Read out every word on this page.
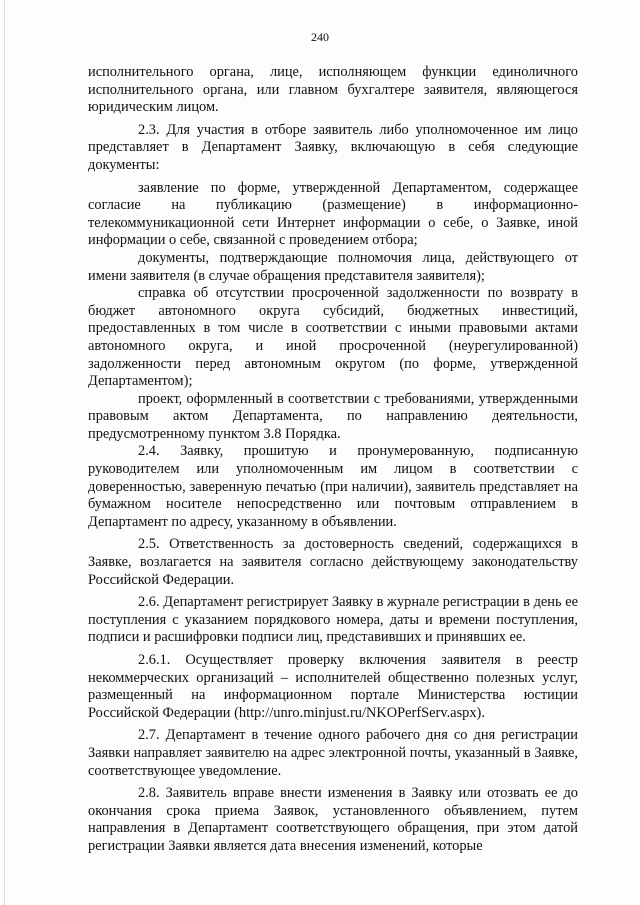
240

исполнительного органа, лице, исполняющем функции единоличного исполнительного органа, или главном бухгалтере заявителя, являющегося юридическим лицом.

2.3. Для участия в отборе заявитель либо уполномоченное им лицо представляет в Департамент Заявку, включающую в себя следующие документы:

заявление по форме, утвержденной Департаментом, содержащее согласие на публикацию (размещение) в информационно-телекоммуникационной сети Интернет информации о себе, о Заявке, иной информации о себе, связанной с проведением отбора;

документы, подтверждающие полномочия лица, действующего от имени заявителя (в случае обращения представителя заявителя);

справка об отсутствии просроченной задолженности по возврату в бюджет автономного округа субсидий, бюджетных инвестиций, предоставленных в том числе в соответствии с иными правовыми актами автономного округа, и иной просроченной (неурегулированной) задолженности перед автономным округом (по форме, утвержденной Департаментом);

проект, оформленный в соответствии с требованиями, утвержденными правовым актом Департамента, по направлению деятельности, предусмотренному пунктом 3.8 Порядка.

2.4. Заявку, прошитую и пронумерованную, подписанную руководителем или уполномоченным им лицом в соответствии с доверенностью, заверенную печатью (при наличии), заявитель представляет на бумажном носителе непосредственно или почтовым отправлением в Департамент по адресу, указанному в объявлении.

2.5. Ответственность за достоверность сведений, содержащихся в Заявке, возлагается на заявителя согласно действующему законодательству Российской Федерации.

2.6. Департамент регистрирует Заявку в журнале регистрации в день ее поступления с указанием порядкового номера, даты и времени поступления, подписи и расшифровки подписи лиц, представивших и принявших ее.

2.6.1. Осуществляет проверку включения заявителя в реестр некоммерческих организаций – исполнителей общественно полезных услуг, размещенный на информационном портале Министерства юстиции Российской Федерации (http://unro.minjust.ru/NKOPerfServ.aspx).

2.7. Департамент в течение одного рабочего дня со дня регистрации Заявки направляет заявителю на адрес электронной почты, указанный в Заявке, соответствующее уведомление.

2.8. Заявитель вправе внести изменения в Заявку или отозвать ее до окончания срока приема Заявок, установленного объявлением, путем направления в Департамент соответствующего обращения, при этом датой регистрации Заявки является дата внесения изменений, которые
